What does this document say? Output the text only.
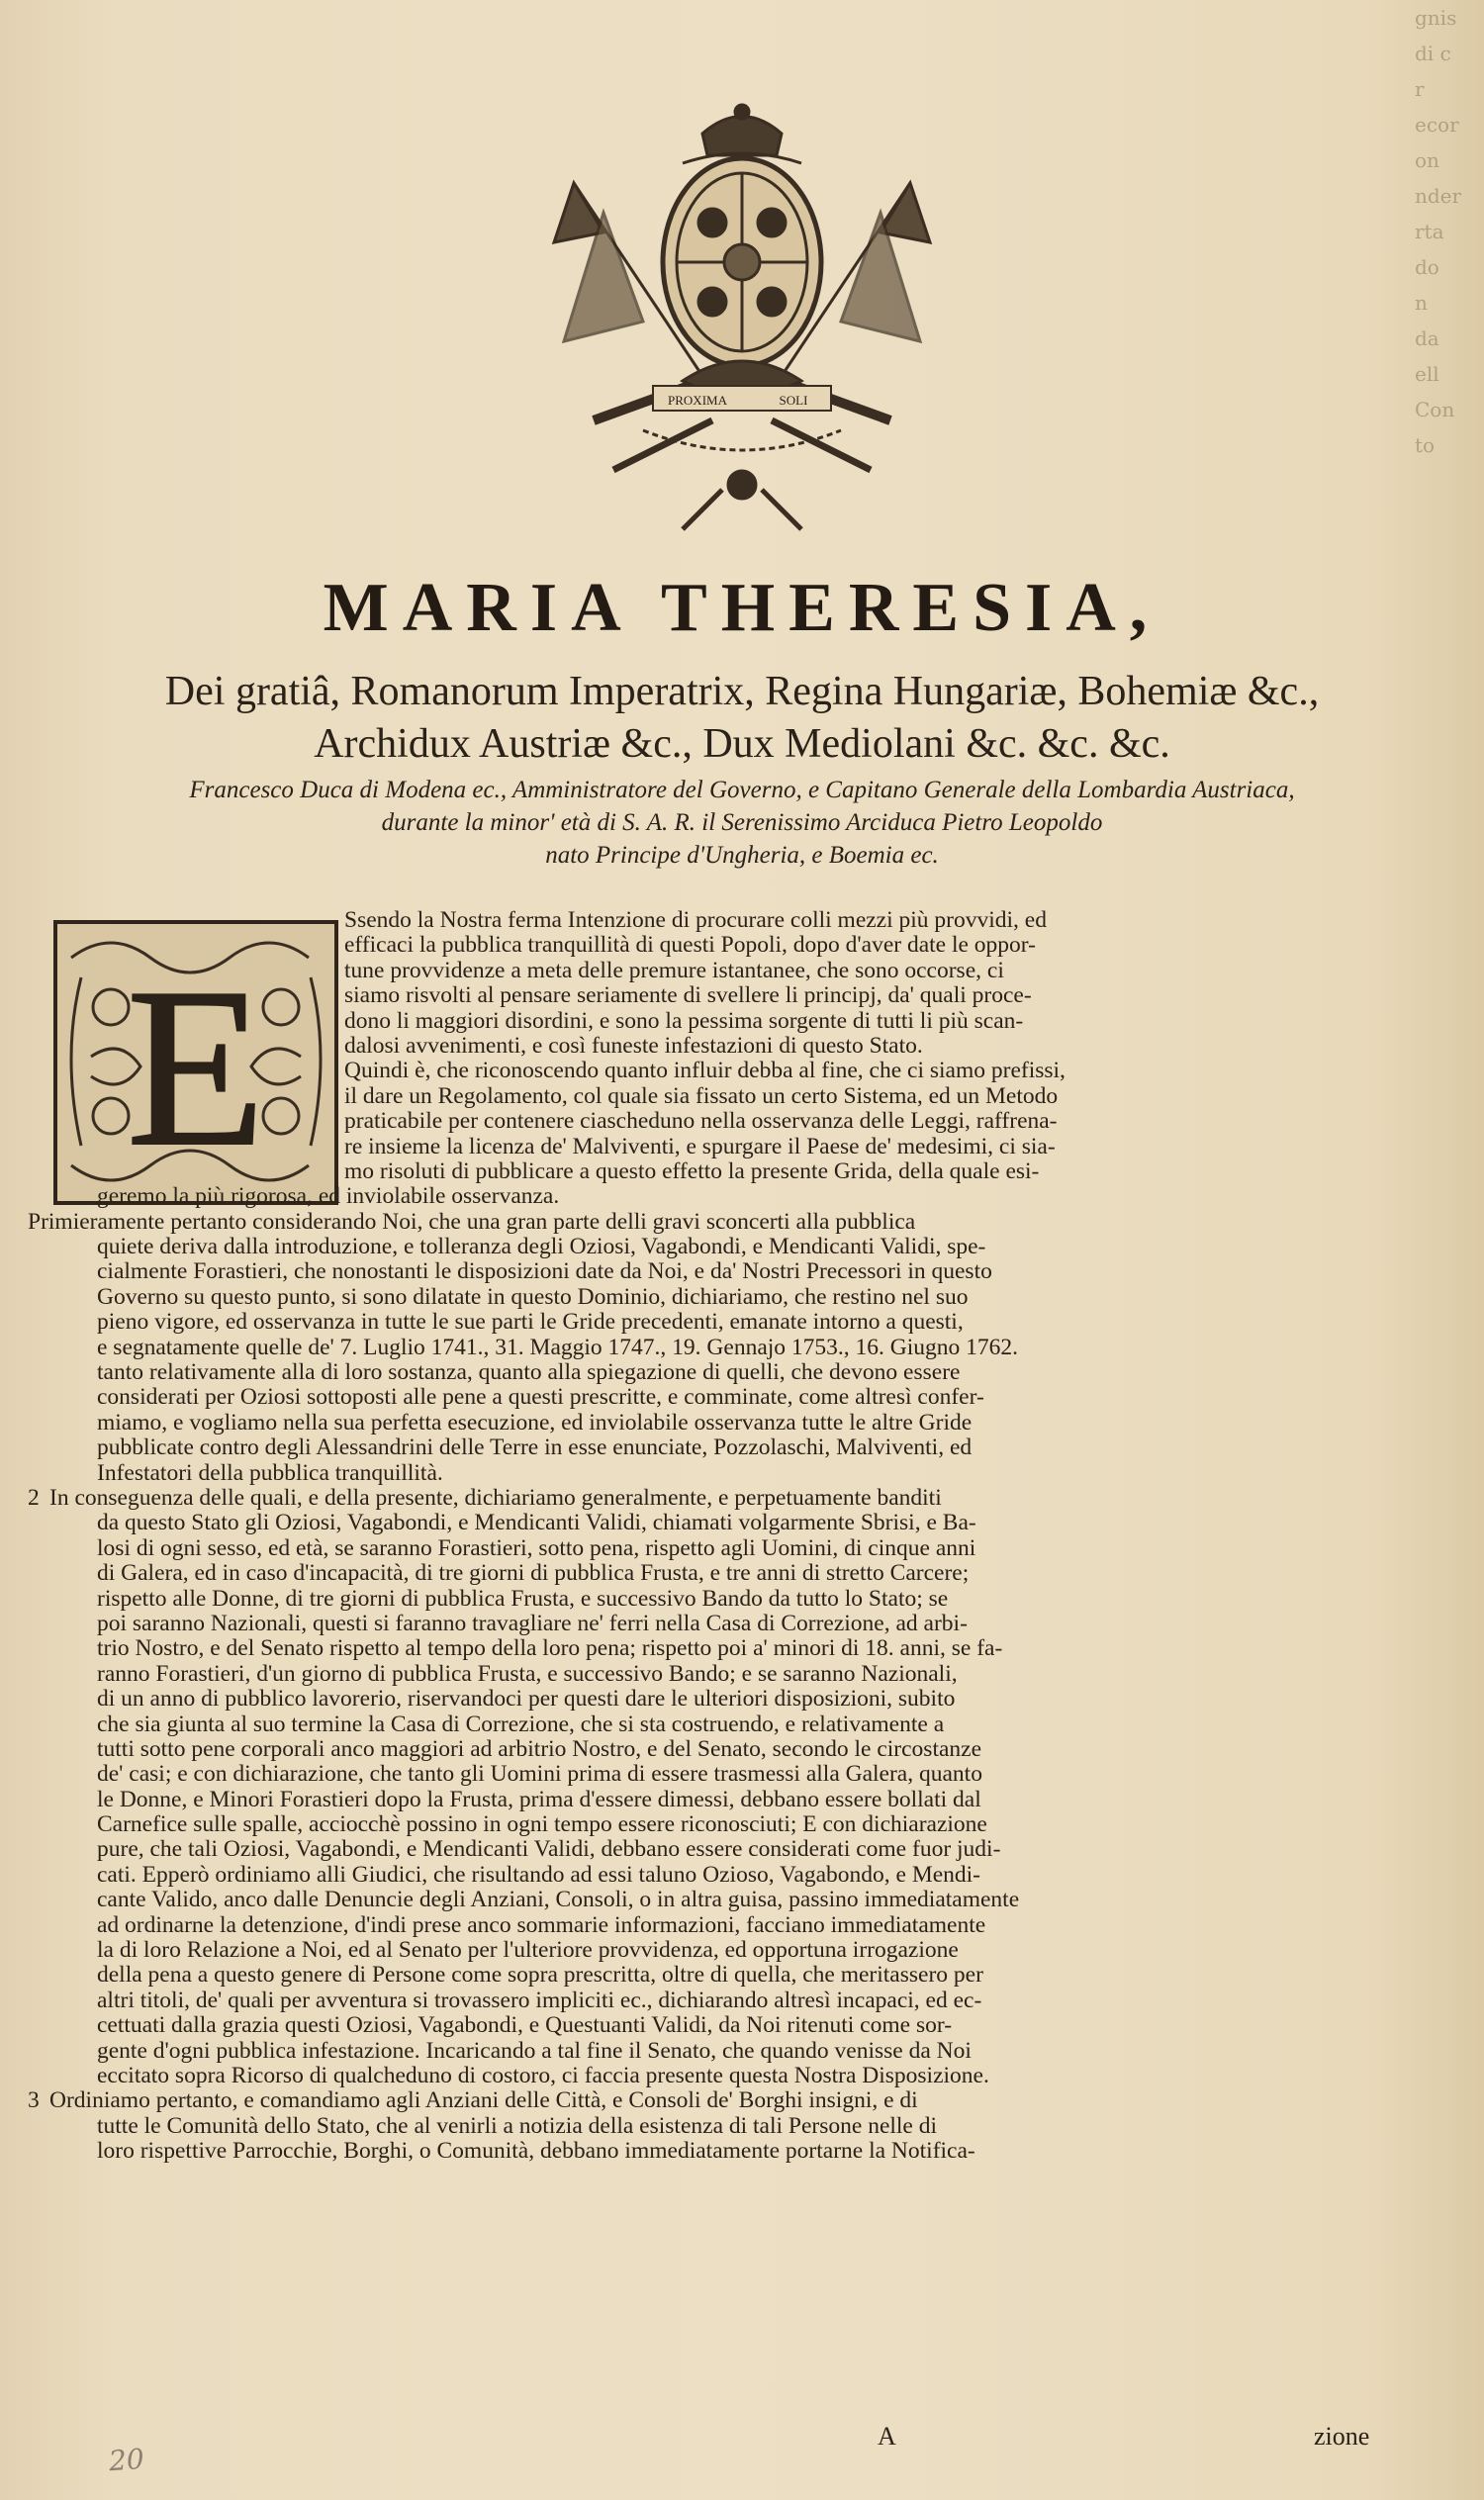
gnis
di c
r
ecor
on
nder
rta
do
n
da
ell
Con
to
PROXIMA	SOLI
MARIA THERESIA,
Dei gratiâ, Romanorum Imperatrix, Regina Hungariæ, Bohemiæ &c.,
Archidux Austriæ &c., Dux Mediolani &c. &c. &c.
Francesco Duca di Modena ec., Amministratore del Governo, e Capitano Generale della Lombardia Austriaca,
durante la minor' età di S. A. R. il Serenissimo Arciduca Pietro Leopoldo
nato Principe d'Ungheria, e Boemia ec.
E
Ssendo la Nostra ferma Intenzione di procurare colli mezzi più provvidi, ed
efficaci la pubblica tranquillità di questi Popoli, dopo d'aver date le oppor-
tune provvidenze a meta delle premure istantanee, che sono occorse, ci
siamo risvolti al pensare seriamente di svellere li principj, da' quali proce-
dono li maggiori disordini, e sono la pessima sorgente di tutti li più scan-
dalosi avvenimenti, e così funeste infestazioni di questo Stato.
Quindi è, che riconoscendo quanto influir debba al fine, che ci siamo prefissi,
il dare un Regolamento, col quale sia fissato un certo Sistema, ed un Metodo
praticabile per contenere ciascheduno nella osservanza delle Leggi, raffrena-
re insieme la licenza de' Malviventi, e spurgare il Paese de' medesimi, ci sia-
mo risoluti di pubblicare a questo effetto la presente Grida, della quale esi-
geremo la più rigorosa, ed inviolabile osservanza.
Primieramente pertanto considerando Noi, che una gran parte delli gravi sconcerti alla pubblica
quiete deriva dalla introduzione, e tolleranza degli Oziosi, Vagabondi, e Mendicanti Validi, spe-
cialmente Forastieri, che nonostanti le disposizioni date da Noi, e da' Nostri Precessori in questo
Governo su questo punto, si sono dilatate in questo Dominio, dichiariamo, che restino nel suo
pieno vigore, ed osservanza in tutte le sue parti le Gride precedenti, emanate intorno a questi,
e segnatamente quelle de' 7. Luglio 1741., 31. Maggio 1747., 19. Gennajo 1753., 16. Giugno 1762.
tanto relativamente alla di loro sostanza, quanto alla spiegazione di quelli, che devono essere
considerati per Oziosi sottoposti alle pene a questi prescritte, e comminate, come altresì confer-
miamo, e vogliamo nella sua perfetta esecuzione, ed inviolabile osservanza tutte le altre Gride
pubblicate contro degli Alessandrini delle Terre in esse enunciate, Pozzolaschi, Malviventi, ed
Infestatori della pubblica tranquillità.
2 In conseguenza delle quali, e della presente, dichiariamo generalmente, e perpetuamente banditi
da questo Stato gli Oziosi, Vagabondi, e Mendicanti Validi, chiamati volgarmente Sbrisi, e Ba-
losi di ogni sesso, ed età, se saranno Forastieri, sotto pena, rispetto agli Uomini, di cinque anni
di Galera, ed in caso d'incapacità, di tre giorni di pubblica Frusta, e tre anni di stretto Carcere;
rispetto alle Donne, di tre giorni di pubblica Frusta, e successivo Bando da tutto lo Stato; se
poi saranno Nazionali, questi si faranno travagliare ne' ferri nella Casa di Correzione, ad arbi-
trio Nostro, e del Senato rispetto al tempo della loro pena; rispetto poi a' minori di 18. anni, se fa-
ranno Forastieri, d'un giorno di pubblica Frusta, e successivo Bando; e se saranno Nazionali,
di un anno di pubblico lavorerio, riservandoci per questi dare le ulteriori disposizioni, subito
che sia giunta al suo termine la Casa di Correzione, che si sta costruendo, e relativamente a
tutti sotto pene corporali anco maggiori ad arbitrio Nostro, e del Senato, secondo le circostanze
de' casi; e con dichiarazione, che tanto gli Uomini prima di essere trasmessi alla Galera, quanto
le Donne, e Minori Forastieri dopo la Frusta, prima d'essere dimessi, debbano essere bollati dal
Carnefice sulle spalle, acciocchè possino in ogni tempo essere riconosciuti; E con dichiarazione
pure, che tali Oziosi, Vagabondi, e Mendicanti Validi, debbano essere considerati come fuor judi-
cati. Epperò ordiniamo alli Giudici, che risultando ad essi taluno Ozioso, Vagabondo, e Mendi-
cante Valido, anco dalle Denuncie degli Anziani, Consoli, o in altra guisa, passino immediatamente
ad ordinarne la detenzione, d'indi prese anco sommarie informazioni, facciano immediatamente
la di loro Relazione a Noi, ed al Senato per l'ulteriore provvidenza, ed opportuna irrogazione
della pena a questo genere di Persone come sopra prescritta, oltre di quella, che meritassero per
altri titoli, de' quali per avventura si trovassero impliciti ec., dichiarando altresì incapaci, ed ec-
cettuati dalla grazia questi Oziosi, Vagabondi, e Questuanti Validi, da Noi ritenuti come sor-
gente d'ogni pubblica infestazione. Incaricando a tal fine il Senato, che quando venisse da Noi
eccitato sopra Ricorso di qualcheduno di costoro, ci faccia presente questa Nostra Disposizione.
3 Ordiniamo pertanto, e comandiamo agli Anziani delle Città, e Consoli de' Borghi insigni, e di
tutte le Comunità dello Stato, che al venirli a notizia della esistenza di tali Persone nelle di
loro rispettive Parrocchie, Borghi, o Comunità, debbano immediatamente portarne la Notifica-
A	zione
20
